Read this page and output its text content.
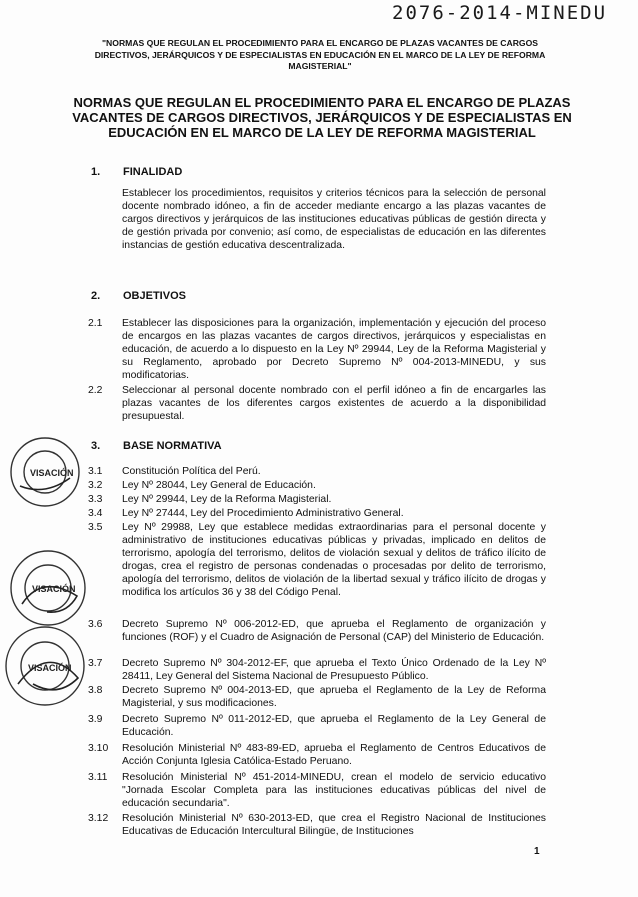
2076-2014-MINEDU
"NORMAS QUE REGULAN EL PROCEDIMIENTO PARA EL ENCARGO DE PLAZAS VACANTES DE CARGOS DIRECTIVOS, JERÁRQUICOS Y DE ESPECIALISTAS EN EDUCACIÓN EN EL MARCO DE LA LEY DE REFORMA MAGISTERIAL"
NORMAS QUE REGULAN EL PROCEDIMIENTO PARA EL ENCARGO DE PLAZAS VACANTES DE CARGOS DIRECTIVOS, JERÁRQUICOS Y DE ESPECIALISTAS EN EDUCACIÓN EN EL MARCO DE LA LEY DE REFORMA MAGISTERIAL
1. FINALIDAD
Establecer los procedimientos, requisitos y criterios técnicos para la selección de personal docente nombrado idóneo, a fin de acceder mediante encargo a las plazas vacantes de cargos directivos y jerárquicos de las instituciones educativas públicas de gestión directa y de gestión privada por convenio; así como, de especialistas de educación en las diferentes instancias de gestión educativa descentralizada.
2. OBJETIVOS
2.1 Establecer las disposiciones para la organización, implementación y ejecución del proceso de encargos en las plazas vacantes de cargos directivos, jerárquicos y especialistas en educación, de acuerdo a lo dispuesto en la Ley Nº 29944, Ley de la Reforma Magisterial y su Reglamento, aprobado por Decreto Supremo Nº 004-2013-MINEDU, y sus modificatorias.
2.2 Seleccionar al personal docente nombrado con el perfil idóneo a fin de encargarles las plazas vacantes de los diferentes cargos existentes de acuerdo a la disponibilidad presupuestal.
3. BASE NORMATIVA
3.1 Constitución Política del Perú.
3.2 Ley Nº 28044, Ley General de Educación.
3.3 Ley Nº 29944, Ley de la Reforma Magisterial.
3.4 Ley Nº 27444, Ley del Procedimiento Administrativo General.
3.5 Ley Nº 29988, Ley que establece medidas extraordinarias para el personal docente y administrativo de instituciones educativas públicas y privadas, implicado en delitos de terrorismo, apología del terrorismo, delitos de violación sexual y delitos de tráfico ilícito de drogas, crea el registro de personas condenadas o procesadas por delito de terrorismo, apología del terrorismo, delitos de violación de la libertad sexual y tráfico ilícito de drogas y modifica los artículos 36 y 38 del Código Penal.
3.6 Decreto Supremo Nº 006-2012-ED, que aprueba el Reglamento de organización y funciones (ROF) y el Cuadro de Asignación de Personal (CAP) del Ministerio de Educación.
3.7 Decreto Supremo Nº 304-2012-EF, que aprueba el Texto Único Ordenado de la Ley Nº 28411, Ley General del Sistema Nacional de Presupuesto Público.
3.8 Decreto Supremo Nº 004-2013-ED, que aprueba el Reglamento de la Ley de Reforma Magisterial, y sus modificaciones.
3.9 Decreto Supremo Nº 011-2012-ED, que aprueba el Reglamento de la Ley General de Educación.
3.10 Resolución Ministerial Nº 483-89-ED, aprueba el Reglamento de Centros Educativos de Acción Conjunta Iglesia Católica-Estado Peruano.
3.11 Resolución Ministerial Nº 451-2014-MINEDU, crean el modelo de servicio educativo "Jornada Escolar Completa para las instituciones educativas públicas del nivel de educación secundaria".
3.12 Resolución Ministerial Nº 630-2013-ED, que crea el Registro Nacional de Instituciones Educativas de Educación Intercultural Bilingüe, de Instituciones
1
VISACIÓN
VISACIÓN
VISACIÓN
